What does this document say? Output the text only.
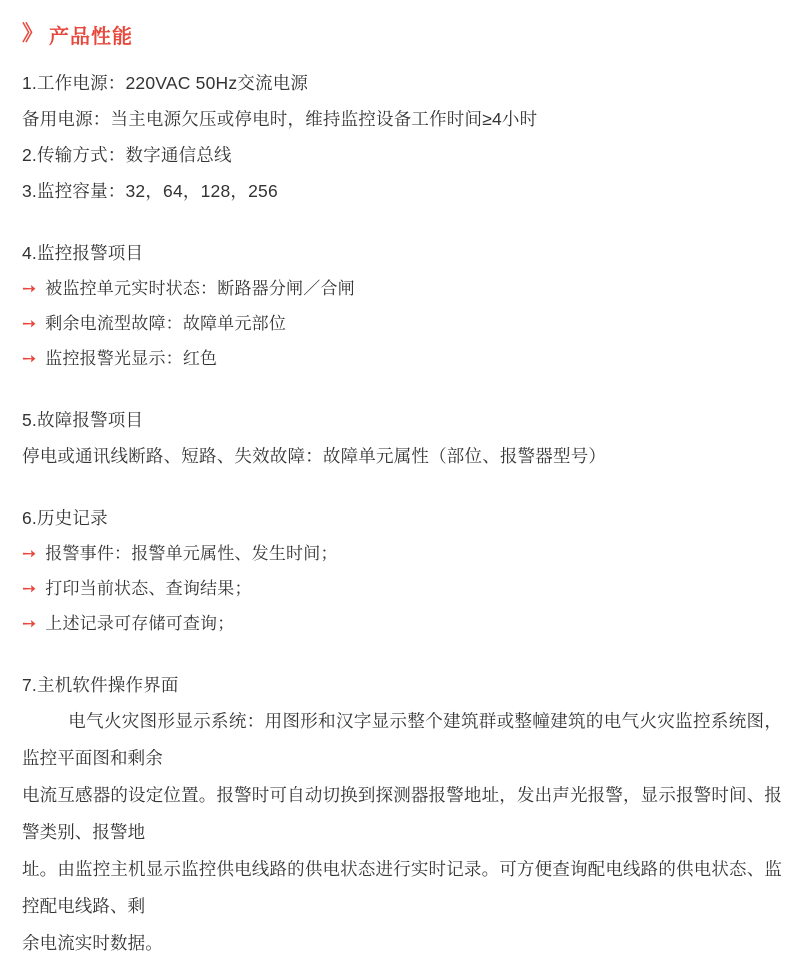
》 产品性能
1.工作电源：220VAC 50Hz交流电源
备用电源：当主电源欠压或停电时，维持监控设备工作时间≥4小时
2.传输方式：数字通信总线
3.监控容量：32，64，128，256
4.监控报警项目
➙ 被监控单元实时状态：断路器分闸／合闸
➙ 剩余电流型故障：故障单元部位
➙ 监控报警光显示：红色
5.故障报警项目
停电或通讯线断路、短路、失效故障：故障单元属性（部位、报警器型号）
6.历史记录
➙ 报警事件：报警单元属性、发生时间；
➙ 打印当前状态、查询结果；
➙ 上述记录可存储可查询；
7.主机软件操作界面
电气火灾图形显示系统：用图形和汉字显示整个建筑群或整幢建筑的电气火灾监控系统图，监控平面图和剩余
电流互感器的设定位置。报警时可自动切换到探测器报警地址，发出声光报警，显示报警时间、报警类别、报警地
址。由监控主机显示监控供电线路的供电状态进行实时记录。可方便查询配电线路的供电状态、监控配电线路、剩
余电流实时数据。
